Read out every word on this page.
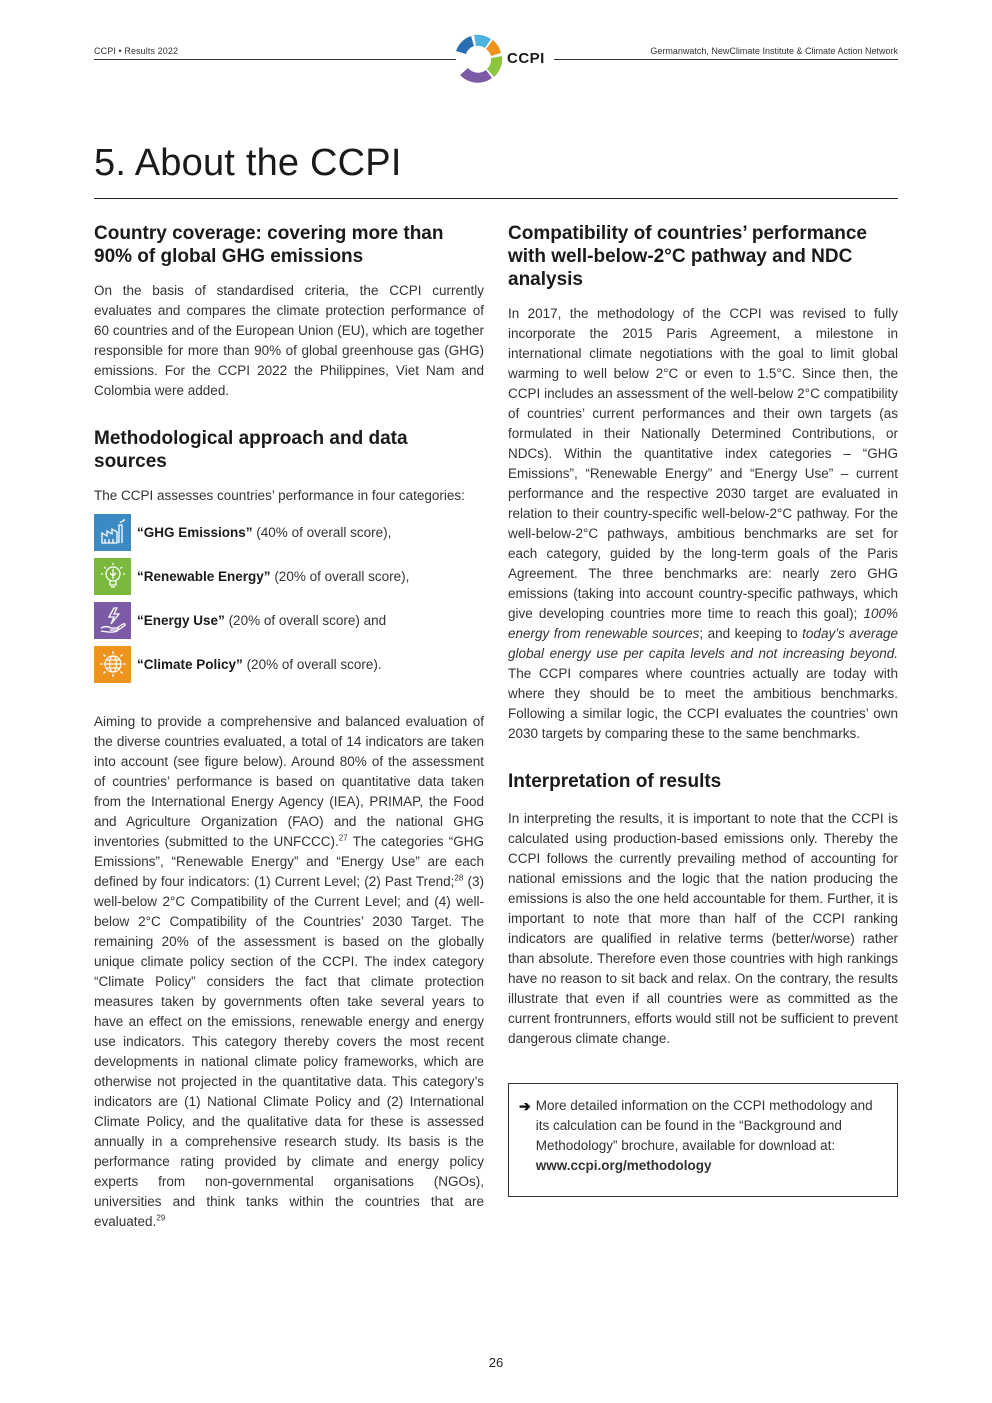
CCPI • Results 2022	Germanwatch, NewClimate Institute & Climate Action Network
CCPI
5. About the CCPI
Country coverage: covering more than 90% of global GHG emissions

On the basis of standardised criteria, the CCPI currently evaluates and compares the climate protection performance of 60 countries and of the European Union (EU), which are together responsible for more than 90% of global greenhouse gas (GHG) emissions. For the CCPI 2022 the Philippines, Viet Nam and Colombia were added.

Methodological approach and data sources

The CCPI assesses countries’ performance in four categories:

“GHG Emissions” (40% of overall score),
“Renewable Energy” (20% of overall score),
“Energy Use” (20% of overall score) and
“Climate Policy” (20% of overall score).

Aiming to provide a comprehensive and balanced evaluation of the diverse countries evaluated, a total of 14 indicators are taken into account (see figure below). Around 80% of the assessment of countries’ performance is based on quantitative data taken from the International Energy Agency (IEA), PRIMAP, the Food and Agriculture Organization (FAO) and the national GHG inventories (submitted to the UNFCCC).$^{27}$ The categories “GHG Emissions”, “Renewable Energy” and “Energy Use” are each defined by four indicators: (1) Current Level; (2) Past Trend;$^{28}$ (3) well-below 2°C Compatibility of the Current Level; and (4) well-below 2°C Compatibility of the Countries’ 2030 Target. The remaining 20% of the assessment is based on the globally unique climate policy section of the CCPI. The index category “Climate Policy” considers the fact that climate protection measures taken by governments often take several years to have an effect on the emissions, renewable energy and energy use indicators. This category thereby covers the most recent developments in national climate policy frameworks, which are otherwise not projected in the quantitative data. This category’s indicators are (1) National Climate Policy and (2) International Climate Policy, and the qualitative data for these is assessed annually in a comprehensive research study. Its basis is the performance rating provided by climate and energy policy experts from non-governmental organisations (NGOs), universities and think tanks within the countries that are evaluated.$^{29}$

Compatibility of countries’ performance with well-below-2°C pathway and NDC analysis

In 2017, the methodology of the CCPI was revised to fully incorporate the 2015 Paris Agreement, a milestone in international climate negotiations with the goal to limit global warming to well below 2°C or even to 1.5°C. Since then, the CCPI includes an assessment of the well-below 2°C compatibility of countries’ current performances and their own targets (as formulated in their Nationally Determined Contributions, or NDCs). Within the quantitative index categories – “GHG Emissions”, “Renewable Energy” and “Energy Use” – current performance and the respective 2030 target are evaluated in relation to their country-specific well-below-2°C pathway. For the well-below-2°C pathways, ambitious benchmarks are set for each category, guided by the long-term goals of the Paris Agreement. The three benchmarks are: nearly zero GHG emissions (taking into account country-specific pathways, which give developing countries more time to reach this goal); 100% energy from renewable sources; and keeping to today’s average global energy use per capita levels and not increasing beyond. The CCPI compares where countries actually are today with where they should be to meet the ambitious benchmarks. Following a similar logic, the CCPI evaluates the countries’ own 2030 targets by comparing these to the same benchmarks.

Interpretation of results

In interpreting the results, it is important to note that the CCPI is calculated using production-based emissions only. Thereby the CCPI follows the currently prevailing method of accounting for national emissions and the logic that the nation producing the emissions is also the one held accountable for them. Further, it is important to note that more than half of the CCPI ranking indicators are qualified in relative terms (better/worse) rather than absolute. Therefore even those countries with high rankings have no reason to sit back and relax. On the contrary, the results illustrate that even if all countries were as committed as the current frontrunners, efforts would still not be sufficient to prevent dangerous climate change.

➔ More detailed information on the CCPI methodology and its calculation can be found in the “Background and Methodology” brochure, available for download at: www.ccpi.org/methodology

26
